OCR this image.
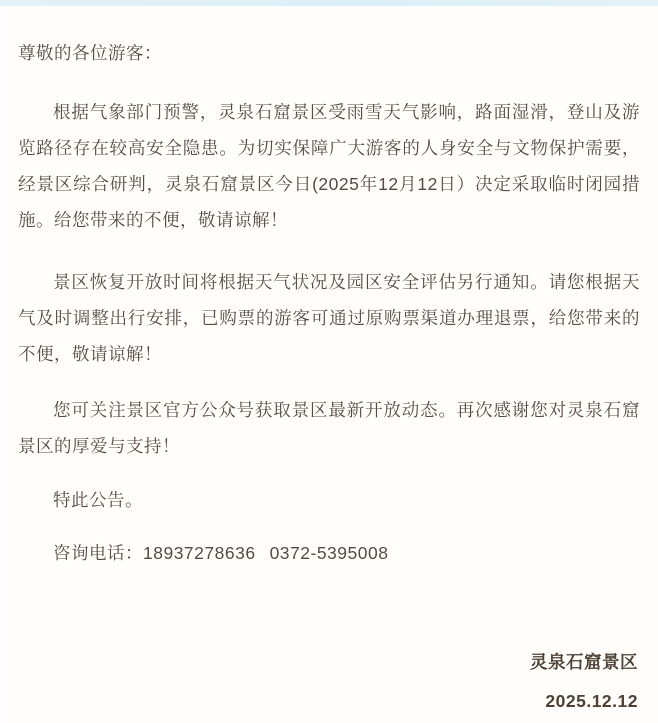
尊敬的各位游客：

根据气象部门预警，灵泉石窟景区受雨雪天气影响，路面湿滑，登山及游览路径存在较高安全隐患。为切实保障广大游客的人身安全与文物保护需要，经景区综合研判，灵泉石窟景区今日(2025年12月12日）决定采取临时闭园措施。给您带来的不便，敬请谅解！

景区恢复开放时间将根据天气状况及园区安全评估另行通知。请您根据天气及时调整出行安排，已购票的游客可通过原购票渠道办理退票，给您带来的不便，敬请谅解！

您可关注景区官方公众号获取景区最新开放动态。再次感谢您对灵泉石窟景区的厚爱与支持！

特此公告。
咨询电话：18937278636 0372-5395008
灵泉石窟景区
2025.12.12
